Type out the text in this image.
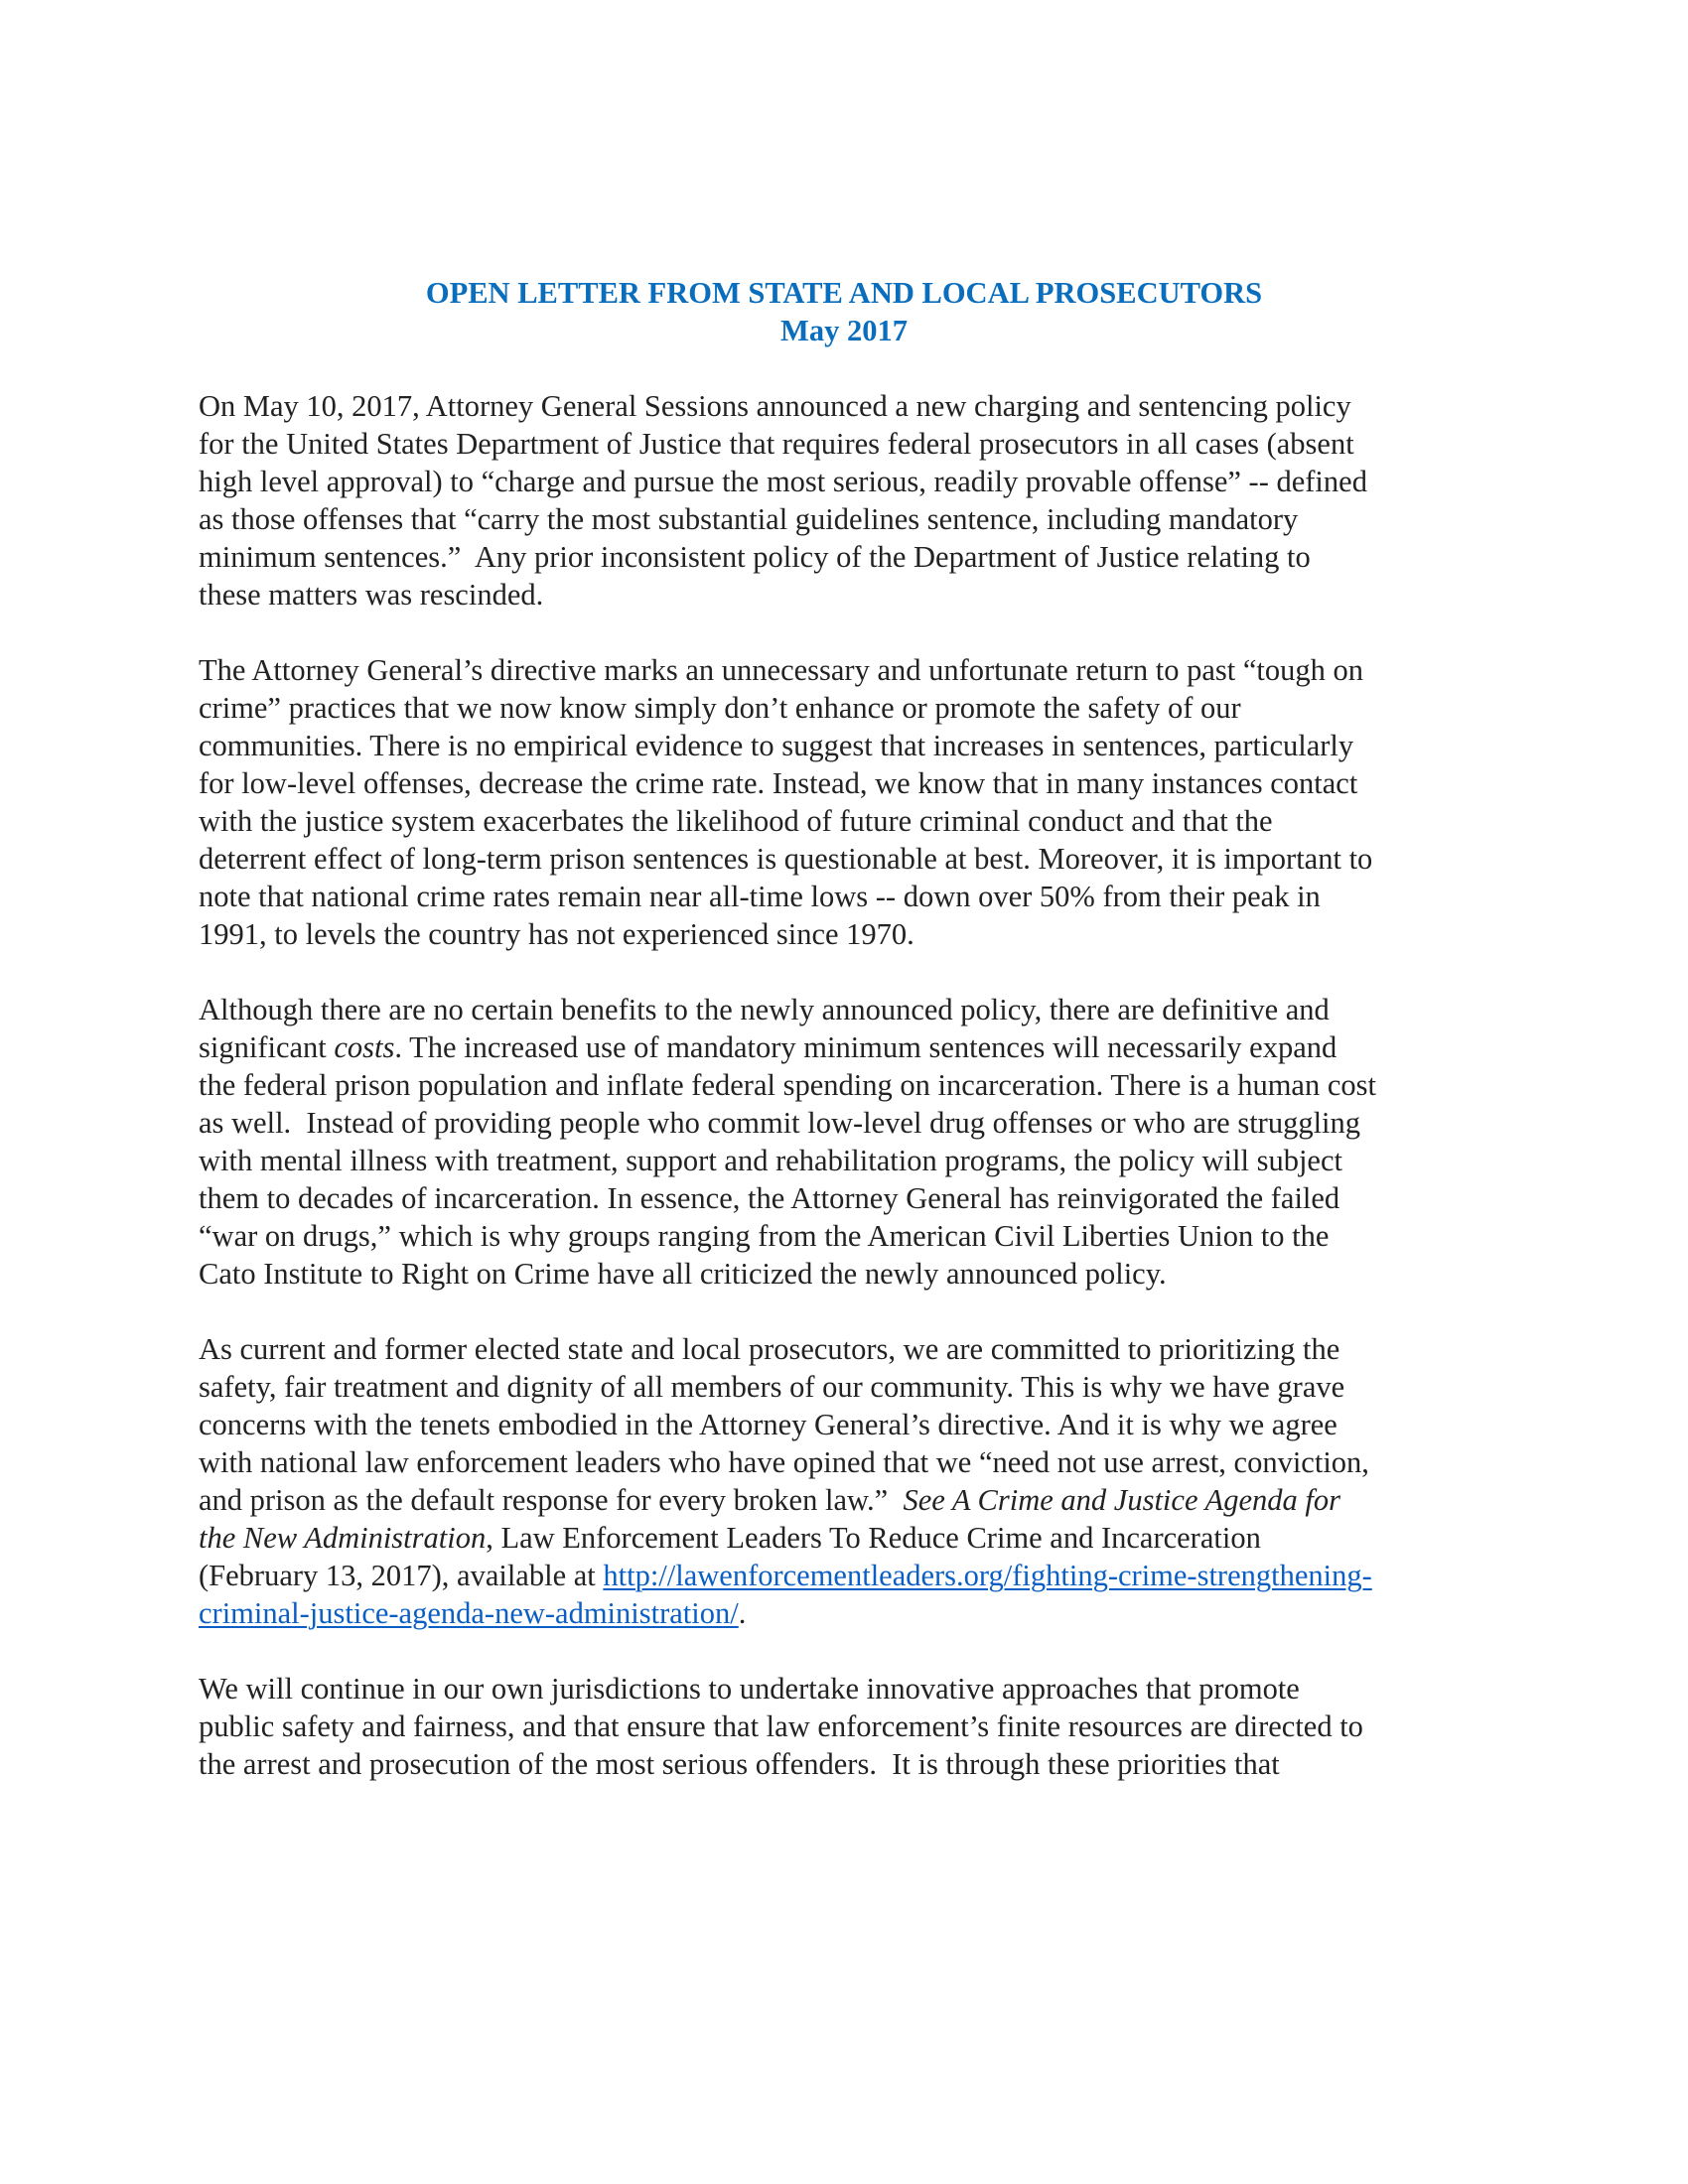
OPEN LETTER FROM STATE AND LOCAL PROSECUTORS
May 2017

On May 10, 2017, Attorney General Sessions announced a new charging and sentencing policy
for the United States Department of Justice that requires federal prosecutors in all cases (absent
high level approval) to “charge and pursue the most serious, readily provable offense” -- defined
as those offenses that “carry the most substantial guidelines sentence, including mandatory
minimum sentences.”  Any prior inconsistent policy of the Department of Justice relating to
these matters was rescinded.

The Attorney General’s directive marks an unnecessary and unfortunate return to past “tough on
crime” practices that we now know simply don’t enhance or promote the safety of our
communities. There is no empirical evidence to suggest that increases in sentences, particularly
for low-level offenses, decrease the crime rate. Instead, we know that in many instances contact
with the justice system exacerbates the likelihood of future criminal conduct and that the
deterrent effect of long-term prison sentences is questionable at best. Moreover, it is important to
note that national crime rates remain near all-time lows -- down over 50% from their peak in
1991, to levels the country has not experienced since 1970.

Although there are no certain benefits to the newly announced policy, there are definitive and
significant costs. The increased use of mandatory minimum sentences will necessarily expand
the federal prison population and inflate federal spending on incarceration. There is a human cost
as well.  Instead of providing people who commit low-level drug offenses or who are struggling
with mental illness with treatment, support and rehabilitation programs, the policy will subject
them to decades of incarceration. In essence, the Attorney General has reinvigorated the failed
“war on drugs,” which is why groups ranging from the American Civil Liberties Union to the
Cato Institute to Right on Crime have all criticized the newly announced policy.

As current and former elected state and local prosecutors, we are committed to prioritizing the
safety, fair treatment and dignity of all members of our community. This is why we have grave
concerns with the tenets embodied in the Attorney General’s directive. And it is why we agree
with national law enforcement leaders who have opined that we “need not use arrest, conviction,
and prison as the default response for every broken law.”  See A Crime and Justice Agenda for
the New Administration, Law Enforcement Leaders To Reduce Crime and Incarceration
(February 13, 2017), available at http://lawenforcementleaders.org/fighting-crime-strengthening-
criminal-justice-agenda-new-administration/.

We will continue in our own jurisdictions to undertake innovative approaches that promote
public safety and fairness, and that ensure that law enforcement’s finite resources are directed to
the arrest and prosecution of the most serious offenders.  It is through these priorities that
